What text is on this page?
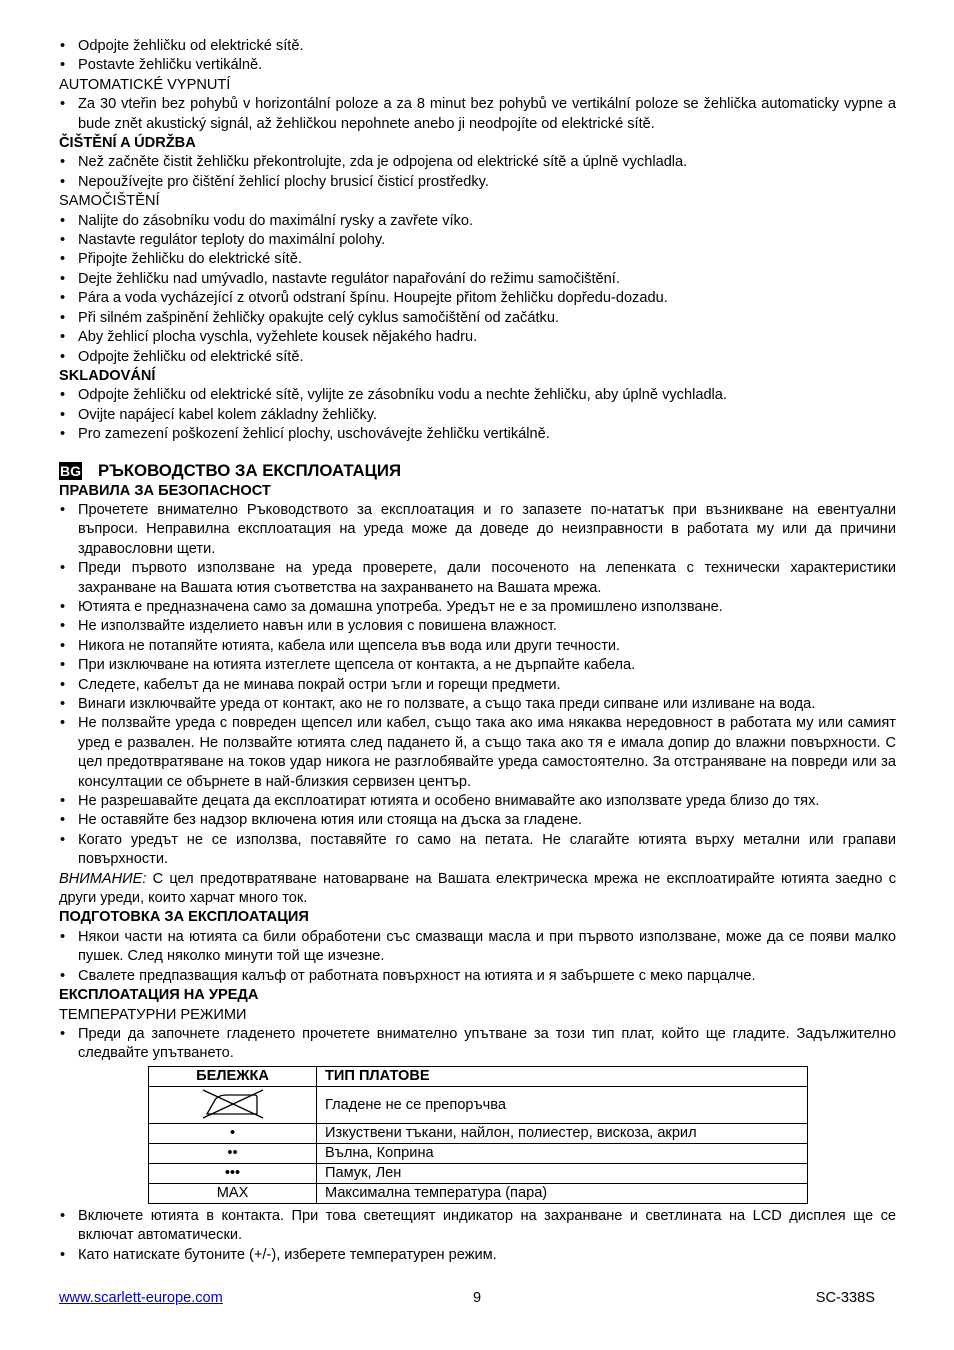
• Odpojte žehličku od elektrické sítě.
• Postavte žehličku vertikálně.

AUTOMATICKÉ VYPNUTÍ

• Za 30 vteřin bez pohybů v horizontální poloze a za 8 minut bez pohybů ve vertikální poloze se žehlička automaticky vypne a bude znět akustický signál, až žehličkou nepohnete anebo ji neodpojíte od elektrické sítě.

ČIŠTĚNÍ A ÚDRŽBA

• Než začněte čistit žehličku překontrolujte, zda je odpojena od elektrické sítě a úplně vychladla.
• Nepoužívejte pro čištění žehlicí plochy brusicí čisticí prostředky.

SAMOČIŠTĚNÍ

• Nalijte do zásobníku vodu do maximální rysky a zavřete víko.
• Nastavte regulátor teploty do maximální polohy.
• Připojte žehličku do elektrické sítě.
• Dejte žehličku nad umývadlo, nastavte regulátor napařování do režimu samočištění.
• Pára a voda vycházející z otvorů odstraní špínu. Houpejte přitom žehličku dopředu-dozadu.
• Při silném zašpinění žehličky opakujte celý cyklus samočištění od začátku.
• Aby žehlicí plocha vyschla, vyžehlete kousek nějakého hadru.
• Odpojte žehličku od elektrické sítě.

SKLADOVÁNÍ

• Odpojte žehličku od elektrické sítě, vylijte ze zásobníku vodu a nechte žehličku, aby úplně vychladla.
• Ovijte napájecí kabel kolem základny žehličky.
• Pro zamezení poškození žehlicí plochy, uschovávejte žehličku vertikálně.
BG РЪКОВОДСТВО ЗА ЕКСПЛОАТАЦИЯ

ПРАВИЛА ЗА БЕЗОПАСНОСТ

• Прочетете внимателно Ръководството за експлоатация и го запазете по-нататък при възникване на евентуални въпроси. Неправилна експлоатация на уреда може да доведе до неизправности в работата му или да причини здравословни щети.
• Преди първото използване на уреда проверете, дали посоченото на лепенката с технически характеристики захранване на Вашата ютия съответства на захранването на Вашата мрежа.
• Ютията е предназначена само за домашна употреба. Уредът не е за промишлено използване.
• Не използвайте изделието навън или в условия с повишена влажност.
• Никога не потапяйте ютията, кабела или щепсела във вода или други течности.
• При изключване на ютията изтеглете щепсела от контакта, а не дърпайте кабела.
• Следете, кабелът да не минава покрай остри ъгли и горещи предмети.
• Винаги изключвайте уреда от контакт, ако не го ползвате, а също така преди сипване или изливане на вода.
• Не ползвайте уреда с повреден щепсел или кабел, също така ако има някаква нередовност в работата му или самият уред е развален. Не ползвайте ютията след падането й, а също така ако тя е имала допир до влажни повърхности. С цел предотвратяване на токов удар никога не разглобявайте уреда самостоятелно. За отстраняване на повреди или за консултации се обърнете в най-близкия сервизен център.
• Не разрешавайте децата да експлоатират ютията и особено внимавайте ако използвате уреда близо до тях.
• Не оставяйте без надзор включена ютия или стояща на дъска за гладене.
• Когато уредът не се използва, поставяйте го само на петата. Не слагайте ютията върху метални или грапави повърхности.

ВНИМАНИЕ: С цел предотвратяване натоварване на Вашата електрическа мрежа не експлоатирайте ютията заедно с други уреди, които харчат много ток.

ПОДГОТОВКА ЗА ЕКСПЛОАТАЦИЯ

• Някои части на ютията са били обработени със смазващи масла и при първото използване, може да се появи малко пушек. След няколко минути той ще изчезне.
• Свалете предпазващия калъф от работната повърхност на ютията и я забършете с меко парцалче.

ЕКСПЛОАТАЦИЯ НА УРЕДА

ТЕМПЕРАТУРНИ РЕЖИМИ

• Преди да започнете гладенето прочетете внимателно упътване за този тип плат, който ще гладите. Задължително следвайте упътването.
БЕЛЕЖКА	ТИП ПЛАТОВЕ

	Гладене не се препоръчва
•	Изкуствени тъкани, найлон, полиестер, вискоза, акрил
••	Вълна, Коприна
•••	Памук, Лен
MAX	Максимална температура (пара)
• Включете ютията в контакта. При това светещият индикатор на захранване и светлината на LCD дисплея ще се включат автоматически.
• Като натискате бутоните (+/-), изберете температурен режим.
www.scarlett-europe.com	9	SC-338S
